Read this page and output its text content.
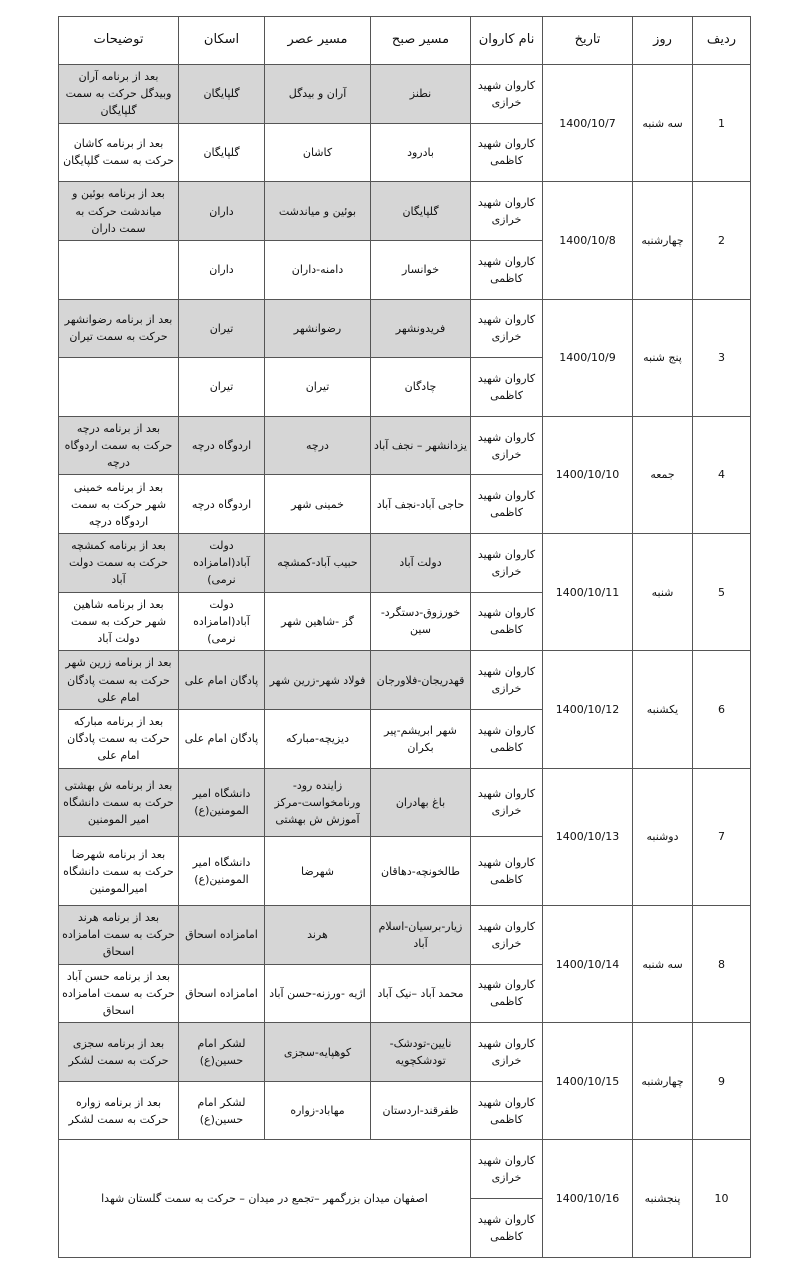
ردیف	روز	تاریخ	نام کاروان	مسیر صبح	مسیر عصر	اسکان	توضیحات
1	سه شنبه	1400/10/7	کاروان شهید خرازی	نطنز	آران و بیدگل	گلپایگان	بعد از برنامه آران وبیدگل حرکت به سمت گلپایگان
			کاروان شهید کاظمی	بادرود	کاشان	گلپایگان	بعد از برنامه کاشان حرکت به سمت گلپایگان
2	چهارشنبه	1400/10/8	کاروان شهید خرازی	گلپایگان	بوئین و میاندشت	داران	بعد از برنامه بوئین و میاندشت حرکت به سمت داران
			کاروان شهید کاظمی	خوانسار	دامنه-داران	داران	
3	پنج شنبه	1400/10/9	کاروان شهید خرازی	فریدونشهر	رضوانشهر	تیران	بعد از برنامه رضوانشهر حرکت به سمت تیران
			کاروان شهید کاظمی	چادگان	تیران	تیران	
4	جمعه	1400/10/10	کاروان شهید خرازی	یزدانشهر – نجف آباد	درچه	اردوگاه درچه	بعد از برنامه درچه حرکت به سمت اردوگاه درچه
			کاروان شهید کاظمی	حاجی آباد-نجف آباد	خمینی شهر	اردوگاه درچه	بعد از برنامه خمینی شهر حرکت به سمت اردوگاه درچه
5	شنبه	1400/10/11	کاروان شهید خرازی	دولت آباد	حبیب آباد-کمشچه	دولت آباد(امامزاده نرمی)	بعد از برنامه کمشچه حرکت به سمت دولت آباد
			کاروان شهید کاظمی	خورزوق-دستگرد-سین	گز -شاهین شهر	دولت آباد(امامزاده نرمی)	بعد از برنامه شاهین شهر حرکت به سمت دولت آباد
6	یکشنبه	1400/10/12	کاروان شهید خرازی	قهدریجان-فلاورجان	فولاد شهر-زرین شهر	پادگان امام علی	بعد از برنامه زرین شهر حرکت به سمت پادگان امام علی
			کاروان شهید کاظمی	شهر ابریشم-پیر بکران	دیزیچه-مبارکه	پادگان امام علی	بعد از برنامه مبارکه حرکت به سمت پادگان امام علی
7	دوشنبه	1400/10/13	کاروان شهید خرازی	باغ بهادران	زاینده رود-ورنامخواست-مرکز آموزش ش بهشتی	دانشگاه امیر المومنین(ع)	بعد از برنامه ش بهشتی حرکت به سمت دانشگاه امیر المومنین
			کاروان شهید کاظمی	طالخونچه-دهاقان	شهرضا	دانشگاه امیر المومنین(ع)	بعد از برنامه شهرضا حرکت به سمت دانشگاه امیرالمومنین
8	سه شنبه	1400/10/14	کاروان شهید خرازی	زیار-برسیان-اسلام آباد	هرند	امامزاده اسحاق	بعد از برنامه هرند حرکت به سمت امامزاده اسحاق
			کاروان شهید کاظمی	محمد آباد –نیک آباد	اژیه -ورزنه-حسن آباد	امامزاده اسحاق	بعد از برنامه حسن آباد حرکت به سمت امامزاده اسحاق
9	چهارشنبه	1400/10/15	کاروان شهید خرازی	نایین-تودشک-تودشکچویه	کوهپایه-سجزی	لشکر امام حسین(ع)	بعد از برنامه سجزی حرکت به سمت لشکر
			کاروان شهید کاظمی	ظفرقند-اردستان	مهاباد-زواره	لشکر امام حسین(ع)	بعد از برنامه زواره حرکت به سمت لشکر
10	پنجشنبه	1400/10/16	کاروان شهید خرازی	اصفهان میدان بزرگمهر –تجمع در میدان – حرکت به سمت گلستان شهدا			
			کاروان شهید کاظمی				
